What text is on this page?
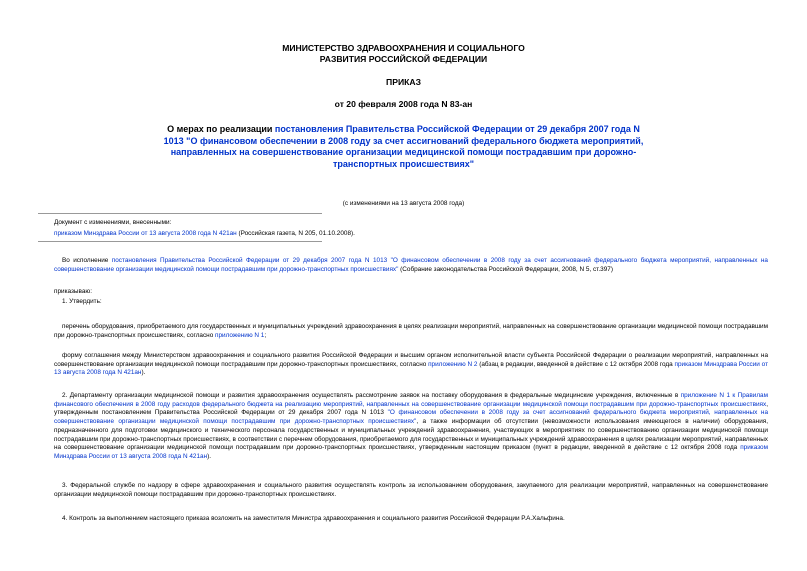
МИНИСТЕРСТВО ЗДРАВООХРАНЕНИЯ И СОЦИАЛЬНОГО
РАЗВИТИЯ РОССИЙСКОЙ ФЕДЕРАЦИИ
ПРИКАЗ
от 20 февраля 2008 года N 83-ан
О мерах по реализации постановления Правительства Российской Федерации от 29 декабря 2007 года N 1013 "О финансовом обеспечении в 2008 году за счет ассигнований федерального бюджета мероприятий, направленных на совершенствование организации медицинской помощи пострадавшим при дорожно-транспортных происшествиях"
(с изменениями на 13 августа 2008 года)
Документ с изменениями, внесенными:
приказом Минздрава России от 13 августа 2008 года N 421ан (Российская газета, N 205, 01.10.2008).
Во исполнение постановления Правительства Российской Федерации от 29 декабря 2007 года N 1013 "О финансовом обеспечении в 2008 году за счет ассигнований федерального бюджета мероприятий, направленных на совершенствование организации медицинской помощи пострадавшим при дорожно-транспортных происшествиях" (Собрание законодательства Российской Федерации, 2008, N 5, ст.397)
приказываю:
1. Утвердить:
перечень оборудования, приобретаемого для государственных и муниципальных учреждений здравоохранения в целях реализации мероприятий, направленных на совершенствование организации медицинской помощи пострадавшим при дорожно-транспортных происшествиях, согласно приложению N 1;
форму соглашения между Министерством здравоохранения и социального развития Российской Федерации и высшим органом исполнительной власти субъекта Российской Федерации о реализации мероприятий, направленных на совершенствование организации медицинской помощи пострадавшим при дорожно-транспортных происшествиях, согласно приложению N 2 (абзац в редакции, введенной в действие с 12 октября 2008 года приказом Минздрава России от 13 августа 2008 года N 421ан).
2. Департаменту организации медицинской помощи и развития здравоохранения осуществлять рассмотрение заявок на поставку оборудования в федеральные медицинские учреждения, включенные в приложение N 1 к Правилам финансового обеспечения в 2008 году расходов федерального бюджета на реализацию мероприятий, направленных на совершенствование организации медицинской помощи пострадавшим при дорожно-транспортных происшествиях, утвержденным постановлением Правительства Российской Федерации от 29 декабря 2007 года N 1013 "О финансовом обеспечении в 2008 году за счет ассигнований федерального бюджета мероприятий, направленных на совершенствование организации медицинской помощи пострадавшим при дорожно-транспортных происшествиях", а также информации об отсутствии (невозможности использования имеющегося в наличии) оборудования, предназначенного для подготовки медицинского и технического персонала государственных и муниципальных учреждений здравоохранения, участвующих в мероприятиях по совершенствованию организации медицинской помощи пострадавшим при дорожно-транспортных происшествиях, в соответствии с перечнем оборудования, приобретаемого для государственных и муниципальных учреждений здравоохранения в целях реализации мероприятий, направленных на совершенствование организации медицинской помощи пострадавшим при дорожно-транспортных происшествиях, утвержденным настоящим приказом (пункт в редакции, введенной в действие с 12 октября 2008 года приказом Минздрава России от 13 августа 2008 года N 421ан).
3. Федеральной службе по надзору в сфере здравоохранения и социального развития осуществлять контроль за использованием оборудования, закупаемого для реализации мероприятий, направленных на совершенствование организации медицинской помощи пострадавшим при дорожно-транспортных происшествиях.
4. Контроль за выполнением настоящего приказа возложить на заместителя Министра здравоохранения и социального развития Российской Федерации Р.А.Хальфина.
